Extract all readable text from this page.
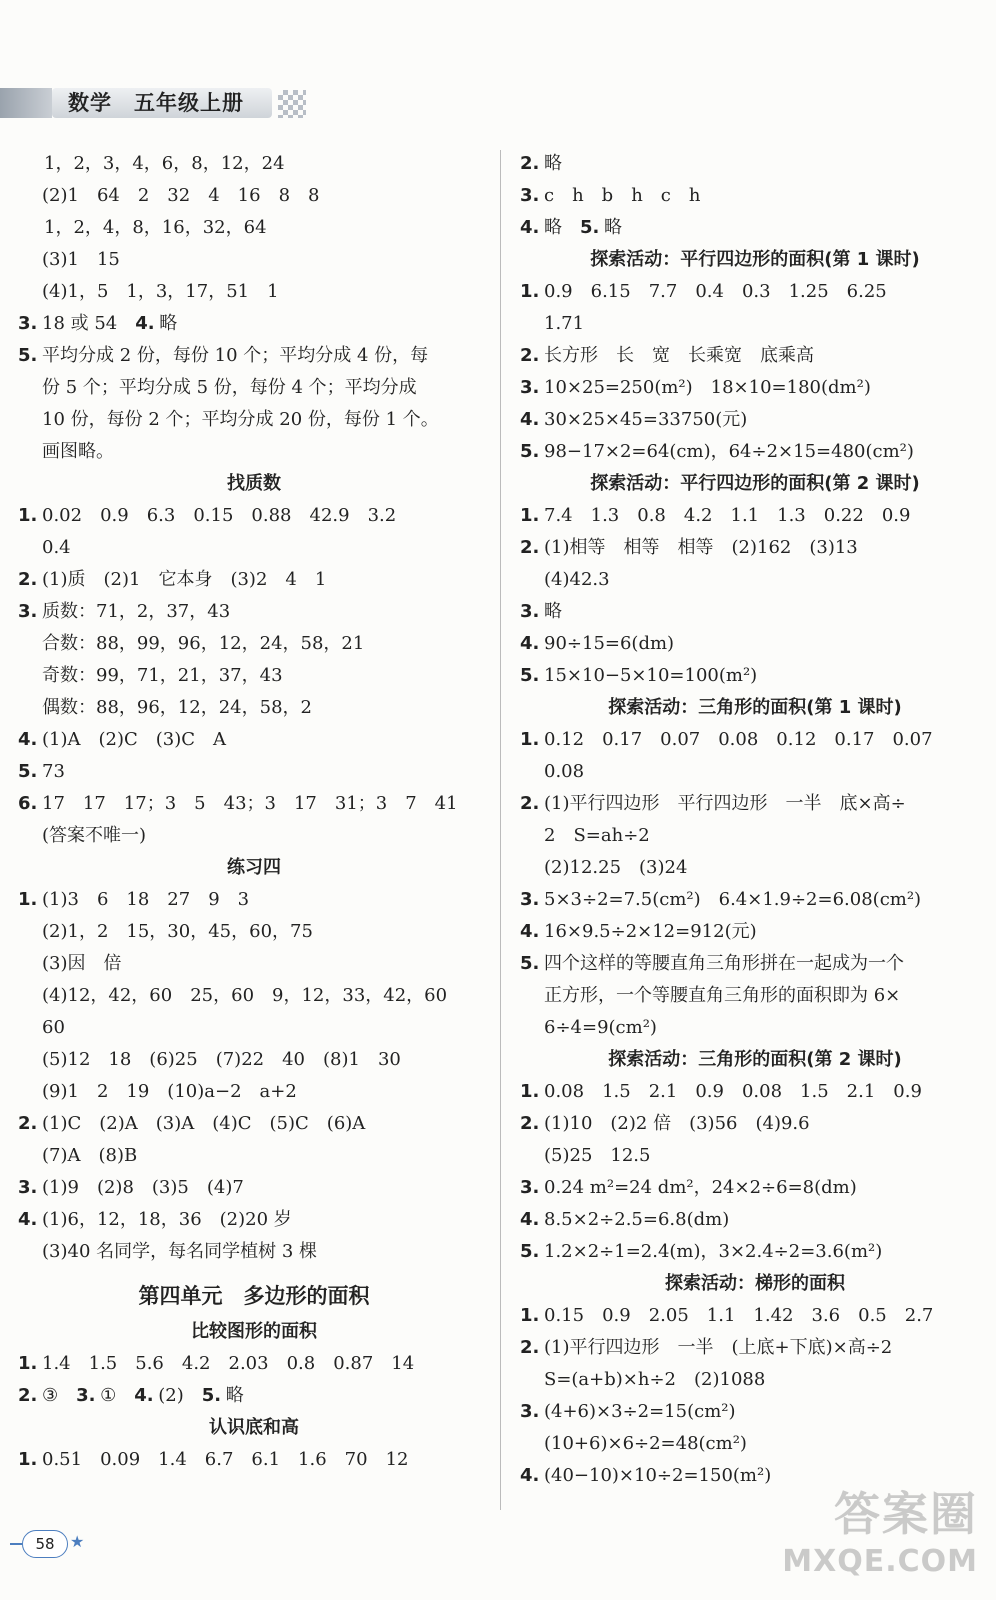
数学　五年级上册
1，2，3，4，6，8，12，24
(2)1　64　2　32　4　16　8　8
1，2，4，8，16，32，64
(3)1　15
(4)1，5　1，3，17，51　1
3. 18 或 54　4. 略
5. 平均分成 2 份，每份 10 个；平均分成 4 份，每
份 5 个；平均分成 5 份，每份 4 个；平均分成
10 份，每份 2 个；平均分成 20 份，每份 1 个。
画图略。
找质数
1. 0.02　0.9　6.3　0.15　0.88　42.9　3.2
0.4
2. (1)质　(2)1　它本身　(3)2　4　1
3. 质数：71，2，37，43
合数：88，99，96，12，24，58，21
奇数：99，71，21，37，43
偶数：88，96，12，24，58，2
4. (1)A　(2)C　(3)C　A
5. 73
6. 17　17　17；3　5　43；3　17　31；3　7　41
(答案不唯一)
练习四
1. (1)3　6　18　27　9　3
(2)1，2　15，30，45，60，75
(3)因　倍
(4)12，42，60　25，60　9，12，33，42，60
60
(5)12　18　(6)25　(7)22　40　(8)1　30
(9)1　2　19　(10)a−2　a+2
2. (1)C　(2)A　(3)A　(4)C　(5)C　(6)A
(7)A　(8)B
3. (1)9　(2)8　(3)5　(4)7
4. (1)6，12，18，36　(2)20 岁
(3)40 名同学，每名同学植树 3 棵
第四单元　多边形的面积
比较图形的面积
1. 1.4　1.5　5.6　4.2　2.03　0.8　0.87　14
2. ③　3. ①　4. (2)　5. 略
认识底和高
1. 0.51　0.09　1.4　6.7　6.1　1.6　70　12
2. 略
3. c　h　b　h　c　h
4. 略　5. 略
探索活动：平行四边形的面积(第 1 课时)
1. 0.9　6.15　7.7　0.4　0.3　1.25　6.25
1.71
2. 长方形　长　宽　长乘宽　底乘高
3. 10×25=250(m²)　18×10=180(dm²)
4. 30×25×45=33750(元)
5. 98−17×2=64(cm)，64÷2×15=480(cm²)
探索活动：平行四边形的面积(第 2 课时)
1. 7.4　1.3　0.8　4.2　1.1　1.3　0.22　0.9
2. (1)相等　相等　相等　(2)162　(3)13
(4)42.3
3. 略
4. 90÷15=6(dm)
5. 15×10−5×10=100(m²)
探索活动：三角形的面积(第 1 课时)
1. 0.12　0.17　0.07　0.08　0.12　0.17　0.07
0.08
2. (1)平行四边形　平行四边形　一半　底×高÷
2　S=ah÷2
(2)12.25　(3)24
3. 5×3÷2=7.5(cm²)　6.4×1.9÷2=6.08(cm²)
4. 16×9.5÷2×12=912(元)
5. 四个这样的等腰直角三角形拼在一起成为一个
正方形，一个等腰直角三角形的面积即为 6×
6÷4=9(cm²)
探索活动：三角形的面积(第 2 课时)
1. 0.08　1.5　2.1　0.9　0.08　1.5　2.1　0.9
2. (1)10　(2)2 倍　(3)56　(4)9.6
(5)25　12.5
3. 0.24 m²=24 dm²，24×2÷6=8(dm)
4. 8.5×2÷2.5=6.8(dm)
5. 1.2×2÷1=2.4(m)，3×2.4÷2=3.6(m²)
探索活动：梯形的面积
1. 0.15　0.9　2.05　1.1　1.42　3.6　0.5　2.7
2. (1)平行四边形　一半　(上底+下底)×高÷2
S=(a+b)×h÷2　(2)1088
3. (4+6)×3÷2=15(cm²)
(10+6)×6÷2=48(cm²)
4. (40−10)×10÷2=150(m²)
58 ★
答案圈
MXQE.COM
